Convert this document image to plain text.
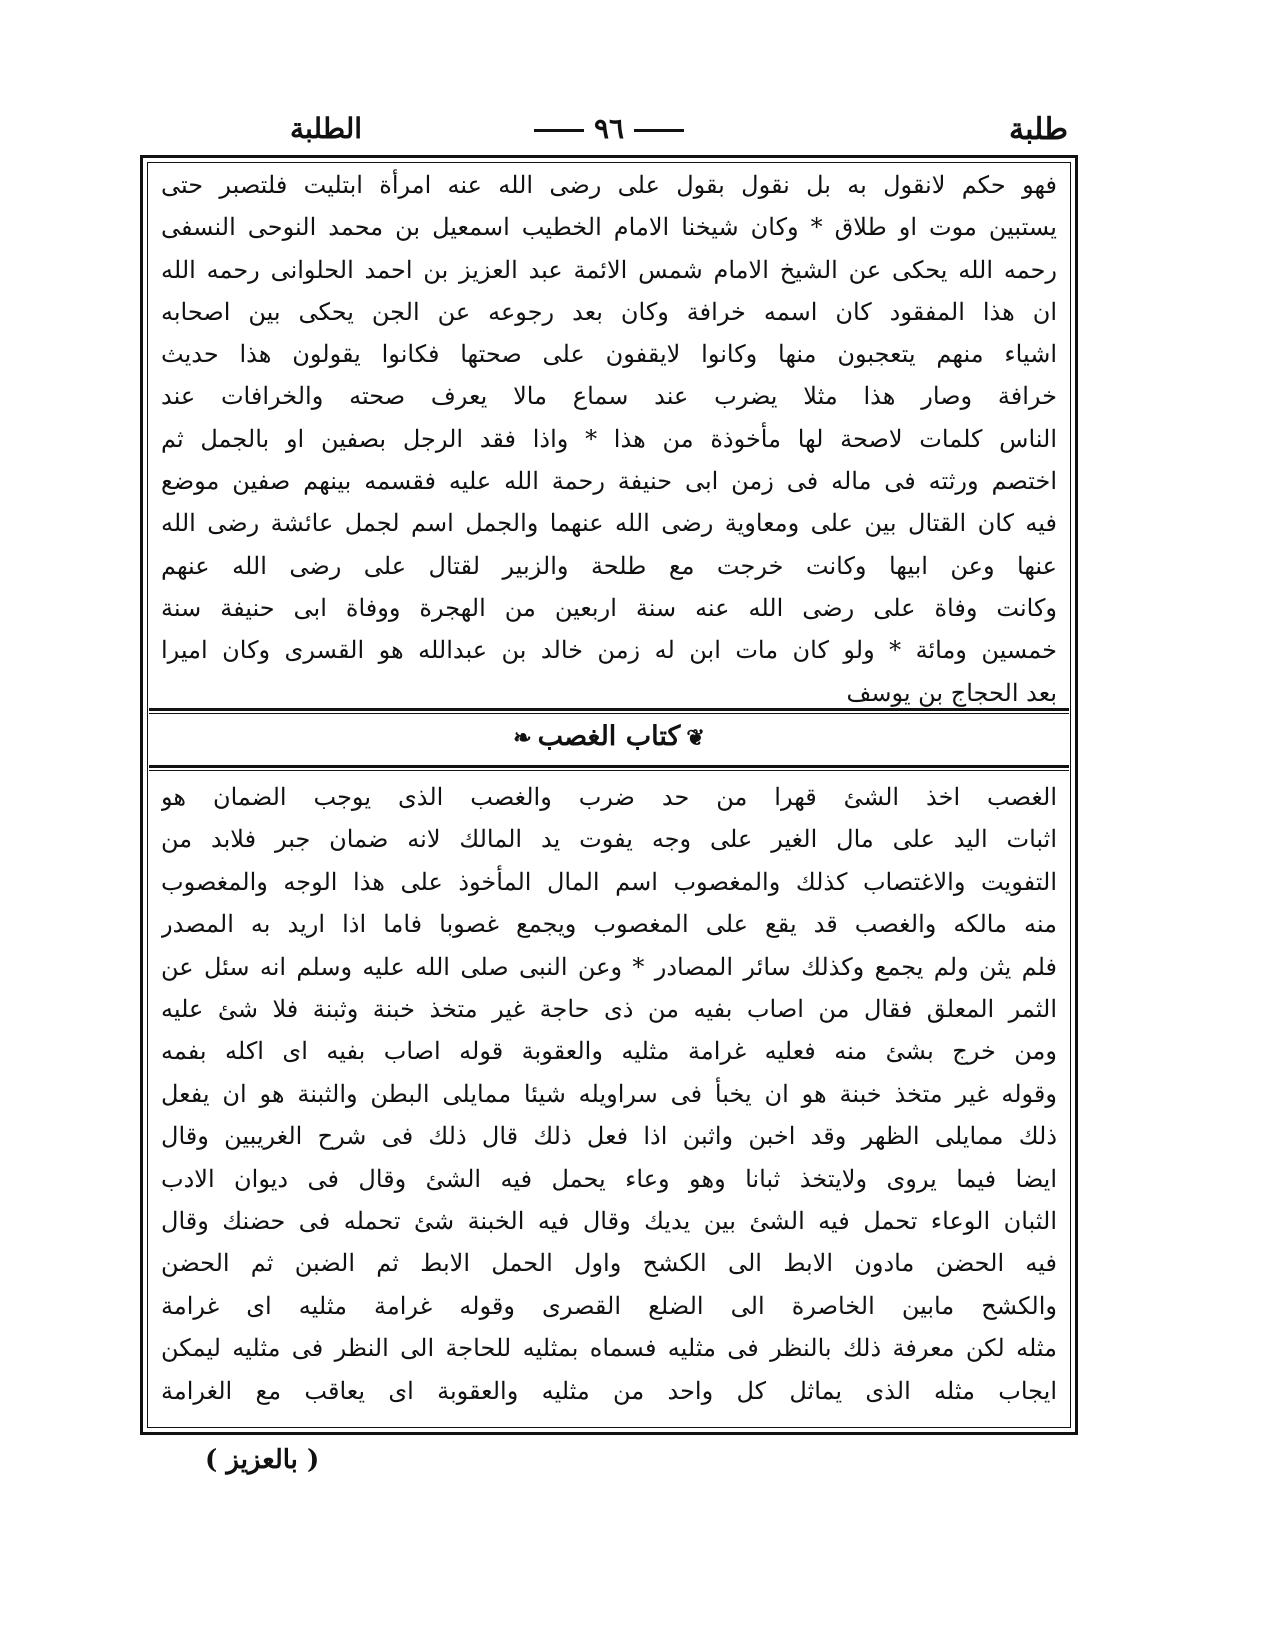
طلبة
٩٦
الطلبة
فهو حكم لانقول به بل نقول بقول على رضى الله عنه امرأة ابتليت فلتصبر حتى
يستبين موت او طلاق * وكان شيخنا الامام الخطيب اسمعيل بن محمد النوحى النسفى
رحمه الله يحكى عن الشيخ الامام شمس الائمة عبد العزيز بن احمد الحلوانى رحمه الله
ان هذا المفقود كان اسمه خرافة وكان بعد رجوعه عن الجن يحكى بين اصحابه
اشياء منهم يتعجبون منها وكانوا لايقفون على صحتها فكانوا يقولون هذا حديث
خرافة وصار هذا مثلا يضرب عند سماع مالا يعرف صحته والخرافات عند
الناس كلمات لاصحة لها مأخوذة من هذا * واذا فقد الرجل بصفين او بالجمل ثم
اختصم ورثته فى ماله فى زمن ابى حنيفة رحمة الله عليه فقسمه بينهم صفين موضع
فيه كان القتال بين على ومعاوية رضى الله عنهما والجمل اسم لجمل عائشة رضى الله
عنها وعن ابيها وكانت خرجت مع طلحة والزبير لقتال على رضى الله عنهم
وكانت وفاة على رضى الله عنه سنة اربعين من الهجرة ووفاة ابى حنيفة سنة
خمسين ومائة * ولو كان مات ابن له زمن خالد بن عبدالله هو القسرى وكان اميرا
بعد الحجاج بن يوسف
❦كتاب الغصب❧
الغصب اخذ الشئ قهرا من حد ضرب والغصب الذى يوجب الضمان هو
اثبات اليد على مال الغير على وجه يفوت يد المالك لانه ضمان جبر فلابد من
التفويت والاغتصاب كذلك والمغصوب اسم المال المأخوذ على هذا الوجه والمغصوب
منه مالكه والغصب قد يقع على المغصوب ويجمع غصوبا فاما اذا اريد به المصدر
فلم يثن ولم يجمع وكذلك سائر المصادر * وعن النبى صلى الله عليه وسلم انه سئل عن
الثمر المعلق فقال من اصاب بفيه من ذى حاجة غير متخذ خبنة وثبنة فلا شئ عليه
ومن خرج بشئ منه فعليه غرامة مثليه والعقوبة قوله اصاب بفيه اى اكله بفمه
وقوله غير متخذ خبنة هو ان يخبأ فى سراويله شيئا ممايلى البطن والثبنة هو ان يفعل
ذلك ممايلى الظهر وقد اخبن واثبن اذا فعل ذلك قال ذلك فى شرح الغريبين وقال
ايضا فيما يروى ولايتخذ ثبانا وهو وعاء يحمل فيه الشئ وقال فى ديوان الادب
الثبان الوعاء تحمل فيه الشئ بين يديك وقال فيه الخبنة شئ تحمله فى حضنك وقال
فيه الحضن مادون الابط الى الكشح واول الحمل الابط ثم الضبن ثم الحضن
والكشح مابين الخاصرة الى الضلع القصرى وقوله غرامة مثليه اى غرامة
مثله لكن معرفة ذلك بالنظر فى مثليه فسماه بمثليه للحاجة الى النظر فى مثليه ليمكن
ايجاب مثله الذى يماثل كل واحد من مثليه والعقوبة اى يعاقب مع الغرامة
( بالعزيز )
